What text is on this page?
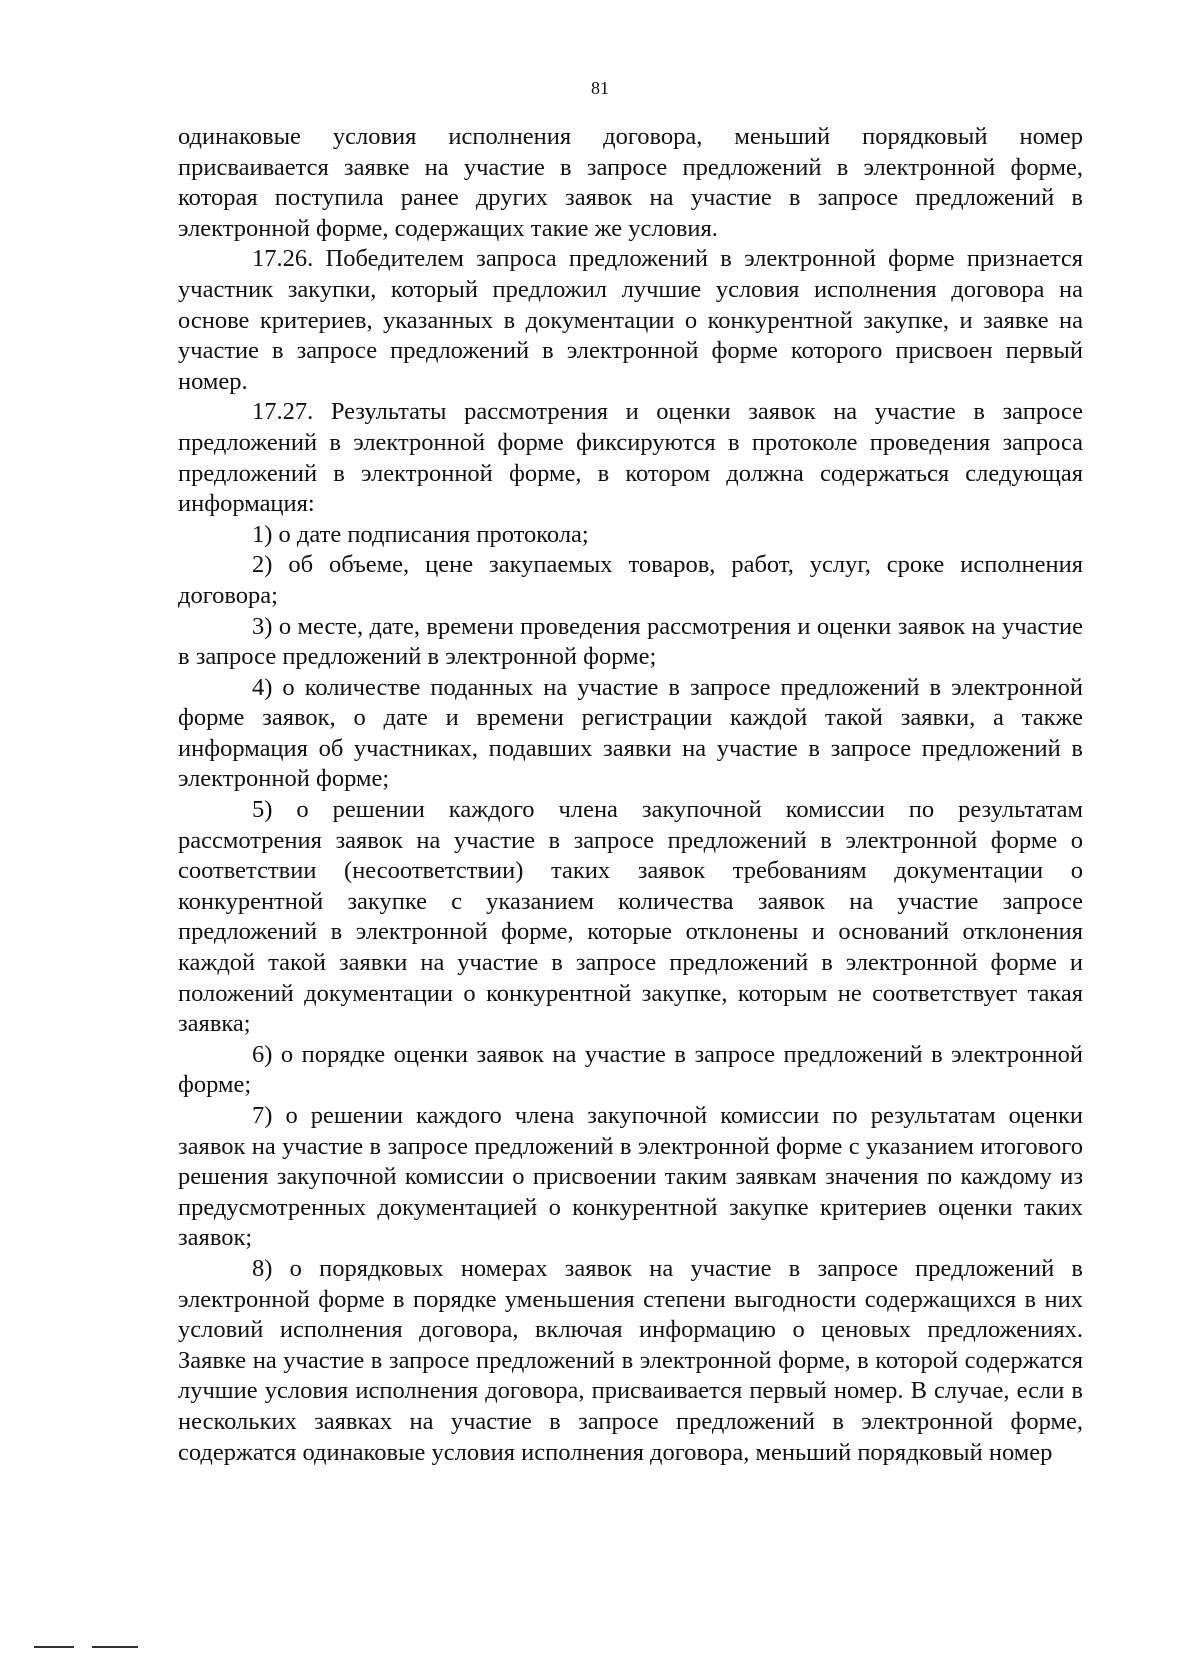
81

одинаковые условия исполнения договора, меньший порядковый номер присваивается заявке на участие в запросе предложений в электронной форме, которая поступила ранее других заявок на участие в запросе предложений в электронной форме, содержащих такие же условия.

17.26. Победителем запроса предложений в электронной форме признается участник закупки, который предложил лучшие условия исполнения договора на основе критериев, указанных в документации о конкурентной закупке, и заявке на участие в запросе предложений в электронной форме которого присвоен первый номер.

17.27. Результаты рассмотрения и оценки заявок на участие в запросе предложений в электронной форме фиксируются в протоколе проведения запроса предложений в электронной форме, в котором должна содержаться следующая информация:

1) о дате подписания протокола;

2) об объеме, цене закупаемых товаров, работ, услуг, сроке исполнения договора;

3) о месте, дате, времени проведения рассмотрения и оценки заявок на участие в запросе предложений в электронной форме;

4) о количестве поданных на участие в запросе предложений в электронной форме заявок, о дате и времени регистрации каждой такой заявки, а также информация об участниках, подавших заявки на участие в запросе предложений в электронной форме;

5) о решении каждого члена закупочной комиссии по результатам рассмотрения заявок на участие в запросе предложений в электронной форме о соответствии (несоответствии) таких заявок требованиям документации о конкурентной закупке с указанием количества заявок на участие запросе предложений в электронной форме, которые отклонены и оснований отклонения каждой такой заявки на участие в запросе предложений в электронной форме и положений документации о конкурентной закупке, которым не соответствует такая заявка;

6) о порядке оценки заявок на участие в запросе предложений в электронной форме;

7) о решении каждого члена закупочной комиссии по результатам оценки заявок на участие в запросе предложений в электронной форме с указанием итогового решения закупочной комиссии о присвоении таким заявкам значения по каждому из предусмотренных документацией о конкурентной закупке критериев оценки таких заявок;

8) о порядковых номерах заявок на участие в запросе предложений в электронной форме в порядке уменьшения степени выгодности содержащихся в них условий исполнения договора, включая информацию о ценовых предложениях. Заявке на участие в запросе предложений в электронной форме, в которой содержатся лучшие условия исполнения договора, присваивается первый номер. В случае, если в нескольких заявках на участие в запросе предложений в электронной форме, содержатся одинаковые условия исполнения договора, меньший порядковый номер
